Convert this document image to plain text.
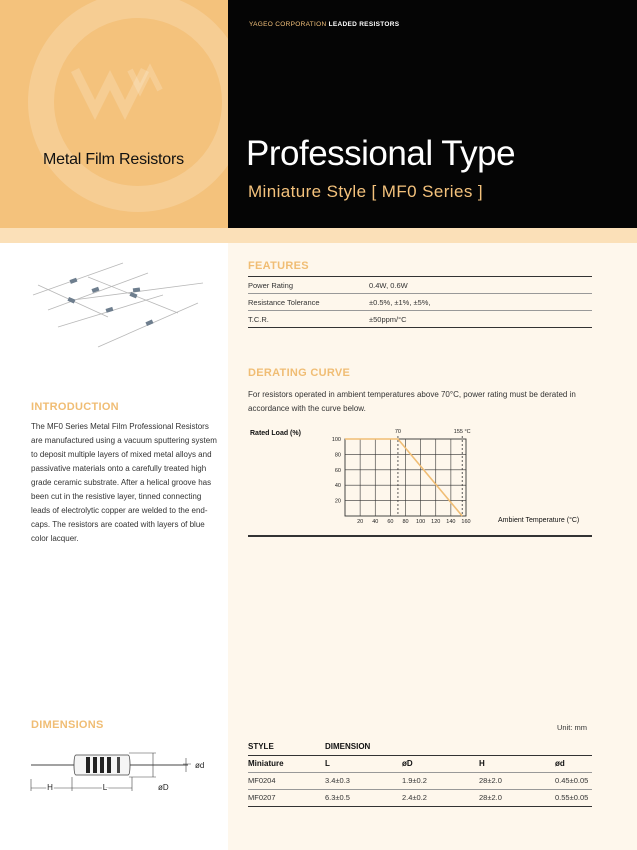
Metal Film Resistors
YAGEO CORPORATION LEADED RESISTORS
Professional Type
Miniature Style [ MF0 Series ]
FEATURES
Power Rating	0.4W, 0.6W
Resistance Tolerance	±0.5%, ±1%, ±5%,
T.C.R.	±50ppm/°C
DERATING CURVE
For resistors operated in ambient temperatures above 70°C, power rating must be derated in accordance with the curve below.
20 40 60 80 100 120 140 160
20
40
60
80
100
70	155 °C
Rated Load (%)
Ambient Temperature (°C)
INTRODUCTION
The MF0 Series Metal Film Professional Resistors are manufactured using a vacuum sputtering system to deposit multiple layers of mixed metal alloys and passivative materials onto a carefully treated high grade ceramic substrate. After a helical groove has been cut in the resistive layer, tinned connecting leads of electrolytic copper are welded to the end-caps. The resistors are coated with layers of blue color lacquer.
DIMENSIONS	Unit: mm
H	L	øD
ød
STYLE	DIMENSION			
Miniature	L	øD	H	ød
MF0204	3.4±0.3	1.9±0.2	28±2.0	0.45±0.05
MF0207	6.3±0.5	2.4±0.2	28±2.0	0.55±0.05
